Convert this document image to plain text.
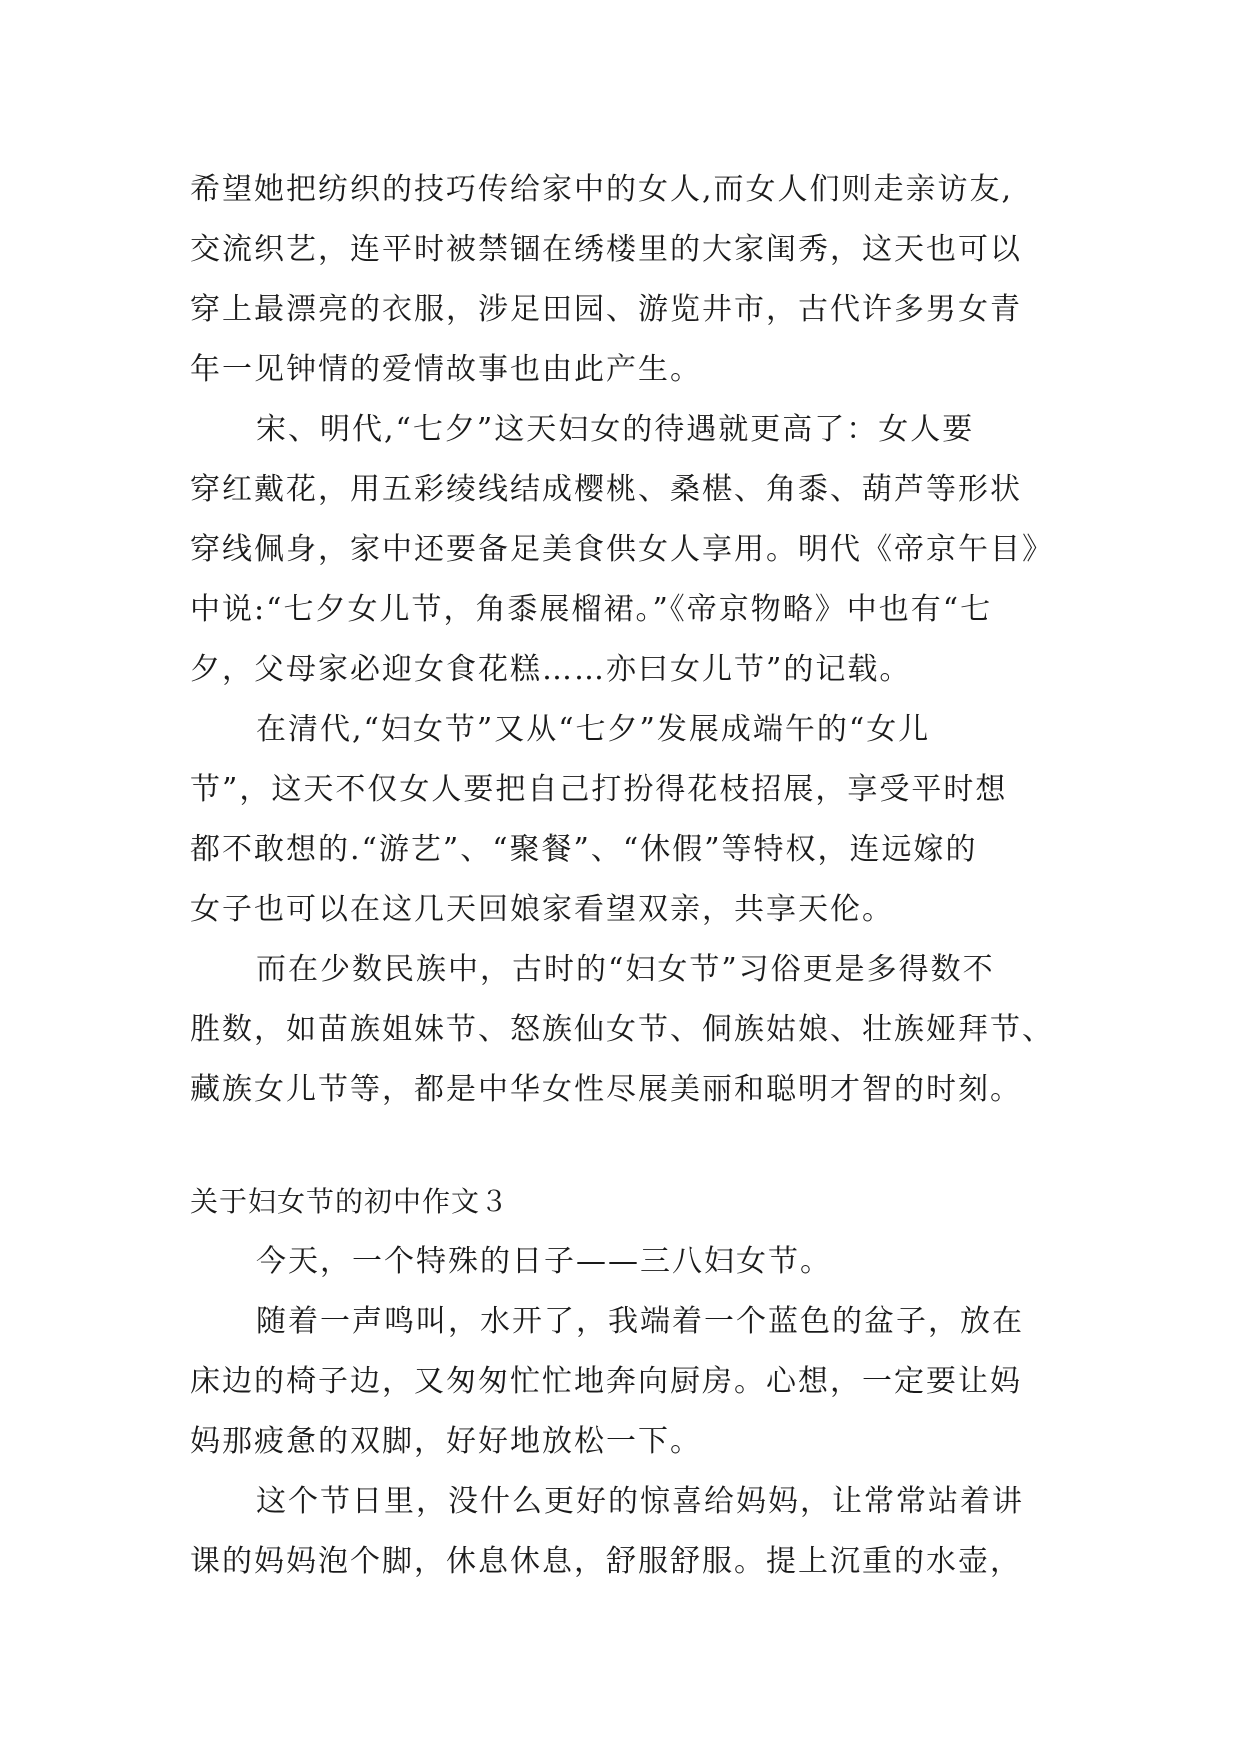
希望她把纺织的技巧传给家中的女人,而女人们则走亲访友,
交流织艺，连平时被禁锢在绣楼里的大家闺秀，这天也可以
穿上最漂亮的衣服，涉足田园、游览井市，古代许多男女青
年一见钟情的爱情故事也由此产生。

宋、明代,“七夕”这天妇女的待遇就更高了：女人要
穿红戴花，用五彩绫线结成樱桃、桑椹、角黍、葫芦等形状
穿线佩身，家中还要备足美食供女人享用。明代《帝京午目》
中说:“七夕女儿节，角黍展榴裙。”《帝京物略》中也有“七
夕，父母家必迎女食花糕……亦曰女儿节”的记载。

在清代,“妇女节”又从“七夕”发展成端午的“女儿
节”，这天不仅女人要把自己打扮得花枝招展，享受平时想
都不敢想的.“游艺”、“聚餐”、“休假”等特权，连远嫁的
女子也可以在这几天回娘家看望双亲，共享天伦。

而在少数民族中，古时的“妇女节”习俗更是多得数不
胜数，如苗族姐妹节、怒族仙女节、侗族姑娘、壮族娅拜节、
藏族女儿节等，都是中华女性尽展美丽和聪明才智的时刻。

关于妇女节的初中作文３

今天，一个特殊的日子——三八妇女节。

随着一声鸣叫，水开了，我端着一个蓝色的盆子，放在
床边的椅子边，又匆匆忙忙地奔向厨房。心想，一定要让妈
妈那疲惫的双脚，好好地放松一下。

这个节日里，没什么更好的惊喜给妈妈，让常常站着讲
课的妈妈泡个脚，休息休息，舒服舒服。提上沉重的水壶，
